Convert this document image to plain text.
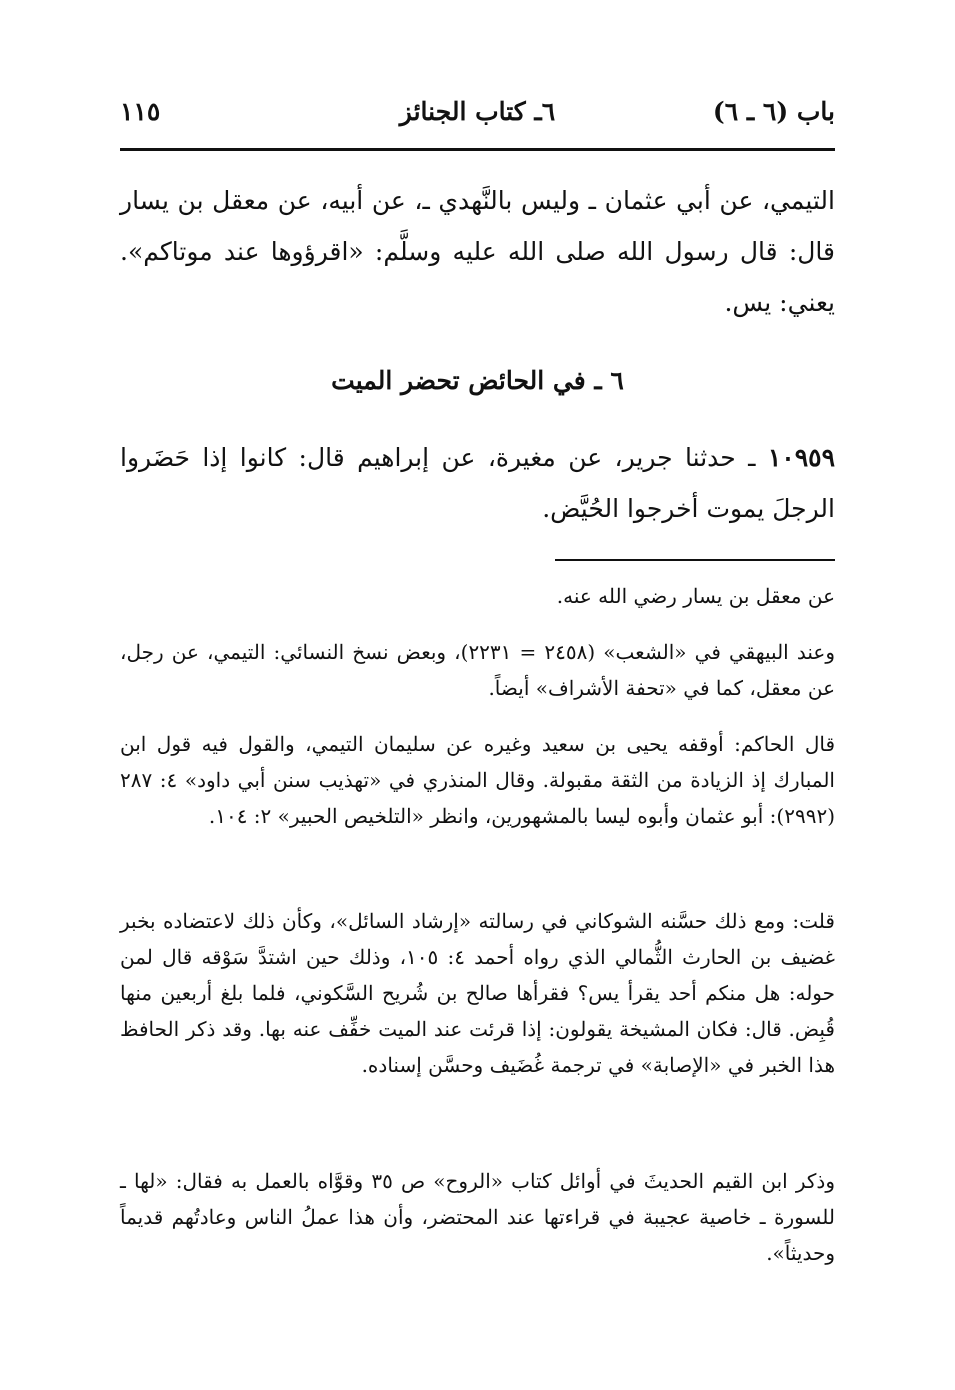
باب (٦ ـ ٦)
٦ـ كتاب الجنائز
١١٥
التيمي، عن أبي عثمان ـ وليس بالنَّهدي ـ، عن أبيه، عن معقل بن يسار قال: قال رسول الله صلى الله عليه وسلَّم: «اقرؤوها عند موتاكم». يعني: يس.
٦ ـ في الحائض تحضر الميت
١٠٩٥٩ ـ حدثنا جرير، عن مغيرة، عن إبراهيم قال: كانوا إذا حَضَروا الرجلَ يموت أخرجوا الحُيَّض.
عن معقل بن يسار رضي الله عنه.
وعند البيهقي في «الشعب» (٢٤٥٨ = ٢٢٣١)، وبعض نسخ النسائي: التيمي، عن رجل، عن معقل، كما في «تحفة الأشراف» أيضاً.
قال الحاكم: أوقفه يحيى بن سعيد وغيره عن سليمان التيمي، والقول فيه قول ابن المبارك إذ الزيادة من الثقة مقبولة. وقال المنذري في «تهذيب سنن أبي داود» ٤: ٢٨٧ (٢٩٩٢): أبو عثمان وأبوه ليسا بالمشهورين، وانظر «التلخيص الحبير» ٢: ١٠٤.
قلت: ومع ذلك حسَّنه الشوكاني في رسالته «إرشاد السائل»، وكأن ذلك لاعتضاده بخبر غضيف بن الحارث الثُّمالي الذي رواه أحمد ٤: ١٠٥، وذلك حين اشتدَّ سَوْقه قال لمن حوله: هل منكم أحد يقرأ يس؟ فقرأها صالح بن شُريح السَّكوني، فلما بلغ أربعين منها قُبِض. قال: فكان المشيخة يقولون: إذا قرئت عند الميت خفِّف عنه بها. وقد ذكر الحافظ هذا الخبر في «الإصابة» في ترجمة غُضَيف وحسَّن إسناده.
وذكر ابن القيم الحديثَ في أوائل كتاب «الروح» ص ٣٥ وقوَّاه بالعمل به فقال: «لها ـ للسورة ـ خاصية عجيبة في قراءتها عند المحتضر، وأن هذا عملُ الناس وعادتُهم قديماً وحديثاً».
